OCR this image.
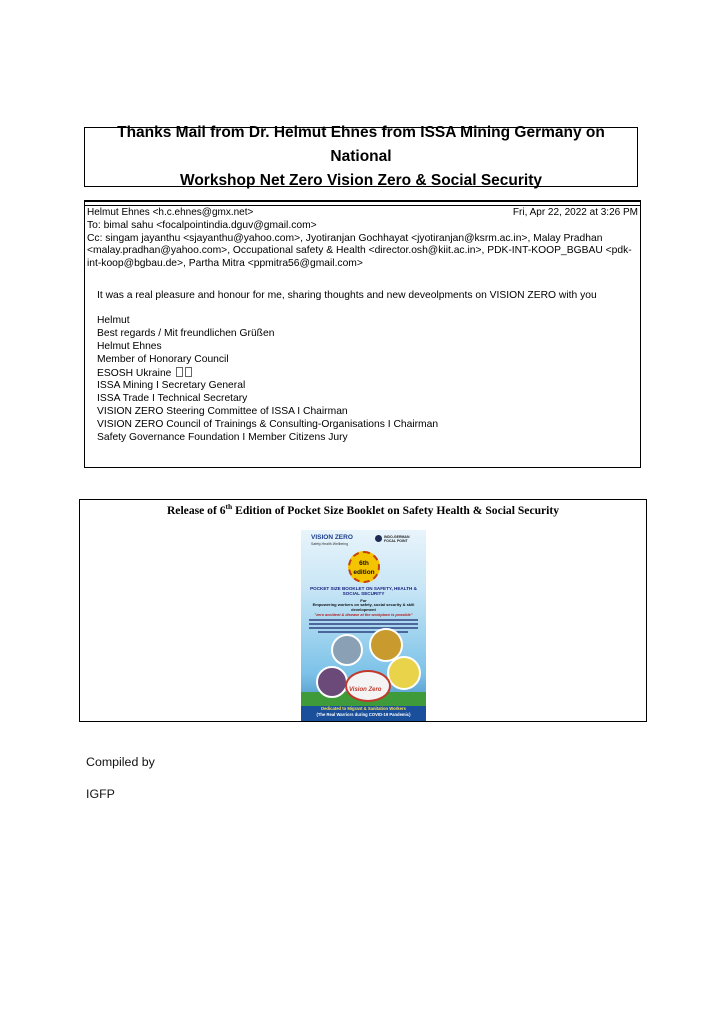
Thanks Mail from Dr. Helmut Ehnes from ISSA Mining Germany on National
Workshop Net Zero Vision Zero & Social Security
Helmut Ehnes <h.c.ehnes@gmx.net>	Fri, Apr 22, 2022 at 3:26 PM
To: bimal sahu <focalpointindia.dguv@gmail.com>
Cc: singam jayanthu <sjayanthu@yahoo.com>, Jyotiranjan Gochhayat <jyotiranjan@ksrm.ac.in>, Malay Pradhan <malay.pradhan@yahoo.com>, Occupational safety & Health <director.osh@kiit.ac.in>, PDK-INT-KOOP_BGBAU <pdk-int-koop@bgbau.de>, Partha Mitra <ppmitra56@gmail.com>

It was a real pleasure and honour for me, sharing thoughts and new deveolpments on VISION ZERO with you

Helmut
Best regards / Mit freundlichen Grüßen
Helmut Ehnes
Member of Honorary Council
ESOSH Ukraine
ISSA Mining I Secretary General
ISSA Trade I Technical Secretary
VISION ZERO Steering Committee of ISSA I Chairman
VISION ZERO Council of Trainings & Consulting-Organisations I Chairman
Safety Governance Foundation I Member Citizens Jury
Release of 6th Edition of Pocket Size Booklet on Safety Health & Social Security
VISION ZERO
Safety.Health.Wellbeing
INDO-GERMAN FOCAL POINT
6th
edition
POCKET SIZE BOOKLET ON SAFETY, HEALTH & SOCIAL SECURITY
For
Empowering workers on safety, social security & skill development
"zero accident & disease at the workplace is possible"
Vision Zero
Dedicated to Migrant & Sanitation Workers
(The Real Warriors during COVID-19 Pandemic)
Compiled by
IGFP
